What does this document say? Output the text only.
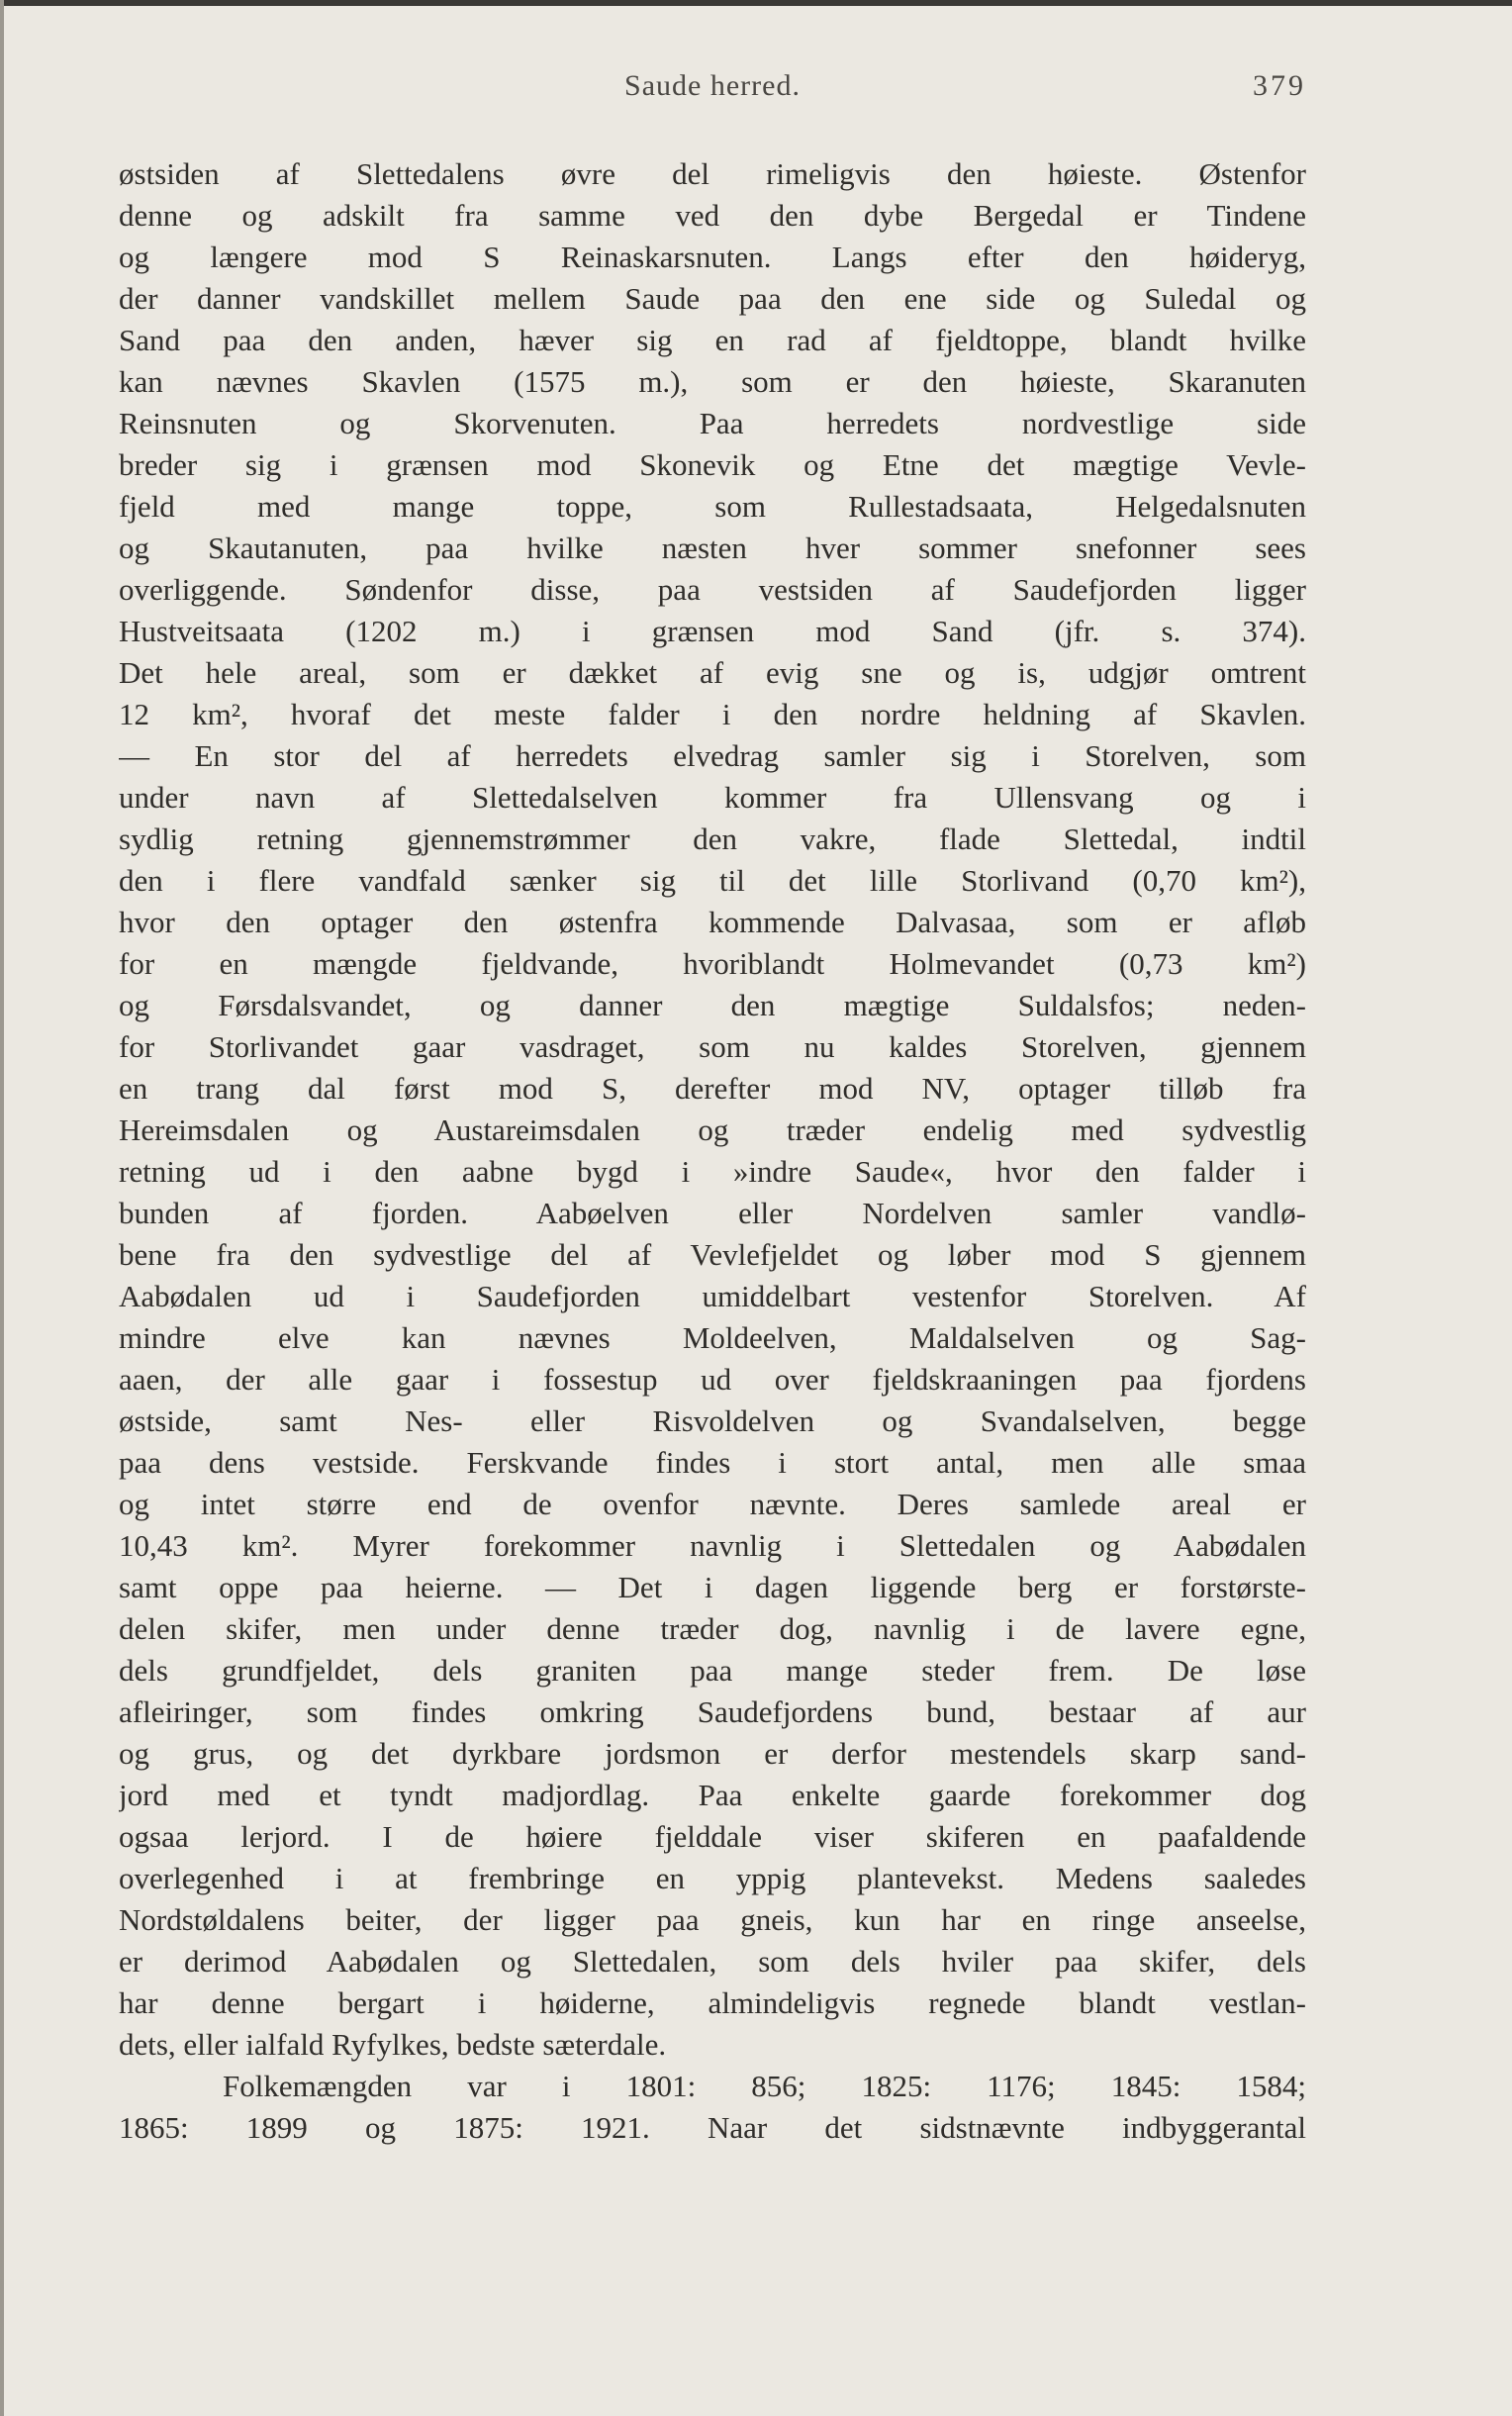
Saude herred.	379
østsiden af Slettedalens øvre del rimeligvis den høieste. Østenfor
denne og adskilt fra samme ved den dybe Bergedal er Tindene
og længere mod S Reinaskarsnuten. Langs efter den høideryg,
der danner vandskillet mellem Saude paa den ene side og Suledal og
Sand paa den anden, hæver sig en rad af fjeldtoppe, blandt hvilke
kan nævnes Skavlen (1575 m.), som er den høieste, Skaranuten
Reinsnuten og Skorvenuten. Paa herredets nordvestlige side
breder sig i grænsen mod Skonevik og Etne det mægtige Vevle-
fjeld med mange toppe, som Rullestadsaata, Helgedalsnuten
og Skautanuten, paa hvilke næsten hver sommer snefonner sees
overliggende. Søndenfor disse, paa vestsiden af Saudefjorden ligger
Hustveitsaata (1202 m.) i grænsen mod Sand (jfr. s. 374).
Det hele areal, som er dækket af evig sne og is, udgjør omtrent
12 km², hvoraf det meste falder i den nordre heldning af Skavlen.
— En stor del af herredets elvedrag samler sig i Storelven, som
under navn af Slettedalselven kommer fra Ullensvang og i
sydlig retning gjennemstrømmer den vakre, flade Slettedal, indtil
den i flere vandfald sænker sig til det lille Storlivand (0,70 km²),
hvor den optager den østenfra kommende Dalvasaa, som er afløb
for en mængde fjeldvande, hvoriblandt Holmevandet (0,73 km²)
og Førsdalsvandet, og danner den mægtige Suldalsfos; neden-
for Storlivandet gaar vasdraget, som nu kaldes Storelven, gjennem
en trang dal først mod S, derefter mod NV, optager tilløb fra
Hereimsdalen og Austareimsdalen og træder endelig med sydvestlig
retning ud i den aabne bygd i »indre Saude«, hvor den falder i
bunden af fjorden. Aabøelven eller Nordelven samler vandlø-
bene fra den sydvestlige del af Vevlefjeldet og løber mod S gjennem
Aabødalen ud i Saudefjorden umiddelbart vestenfor Storelven. Af
mindre elve kan nævnes Moldeelven, Maldalselven og Sag-
aaen, der alle gaar i fossestup ud over fjeldskraaningen paa fjordens
østside, samt Nes- eller Risvoldelven og Svandalselven, begge
paa dens vestside. Ferskvande findes i stort antal, men alle smaa
og intet større end de ovenfor nævnte. Deres samlede areal er
10,43 km². Myrer forekommer navnlig i Slettedalen og Aabødalen
samt oppe paa heierne. — Det i dagen liggende berg er forstørste-
delen skifer, men under denne træder dog, navnlig i de lavere egne,
dels grundfjeldet, dels graniten paa mange steder frem. De løse
afleiringer, som findes omkring Saudefjordens bund, bestaar af aur
og grus, og det dyrkbare jordsmon er derfor mestendels skarp sand-
jord med et tyndt madjordlag. Paa enkelte gaarde forekommer dog
ogsaa lerjord. I de høiere fjelddale viser skiferen en paafaldende
overlegenhed i at frembringe en yppig plantevekst. Medens saaledes
Nordstøldalens beiter, der ligger paa gneis, kun har en ringe anseelse,
er derimod Aabødalen og Slettedalen, som dels hviler paa skifer, dels
har denne bergart i høiderne, almindeligvis regnede blandt vestlan-
dets, eller ialfald Ryfylkes, bedste sæterdale.
Folkemængden var i 1801: 856; 1825: 1176; 1845: 1584;
1865: 1899 og 1875: 1921. Naar det sidstnævnte indbyggerantal
